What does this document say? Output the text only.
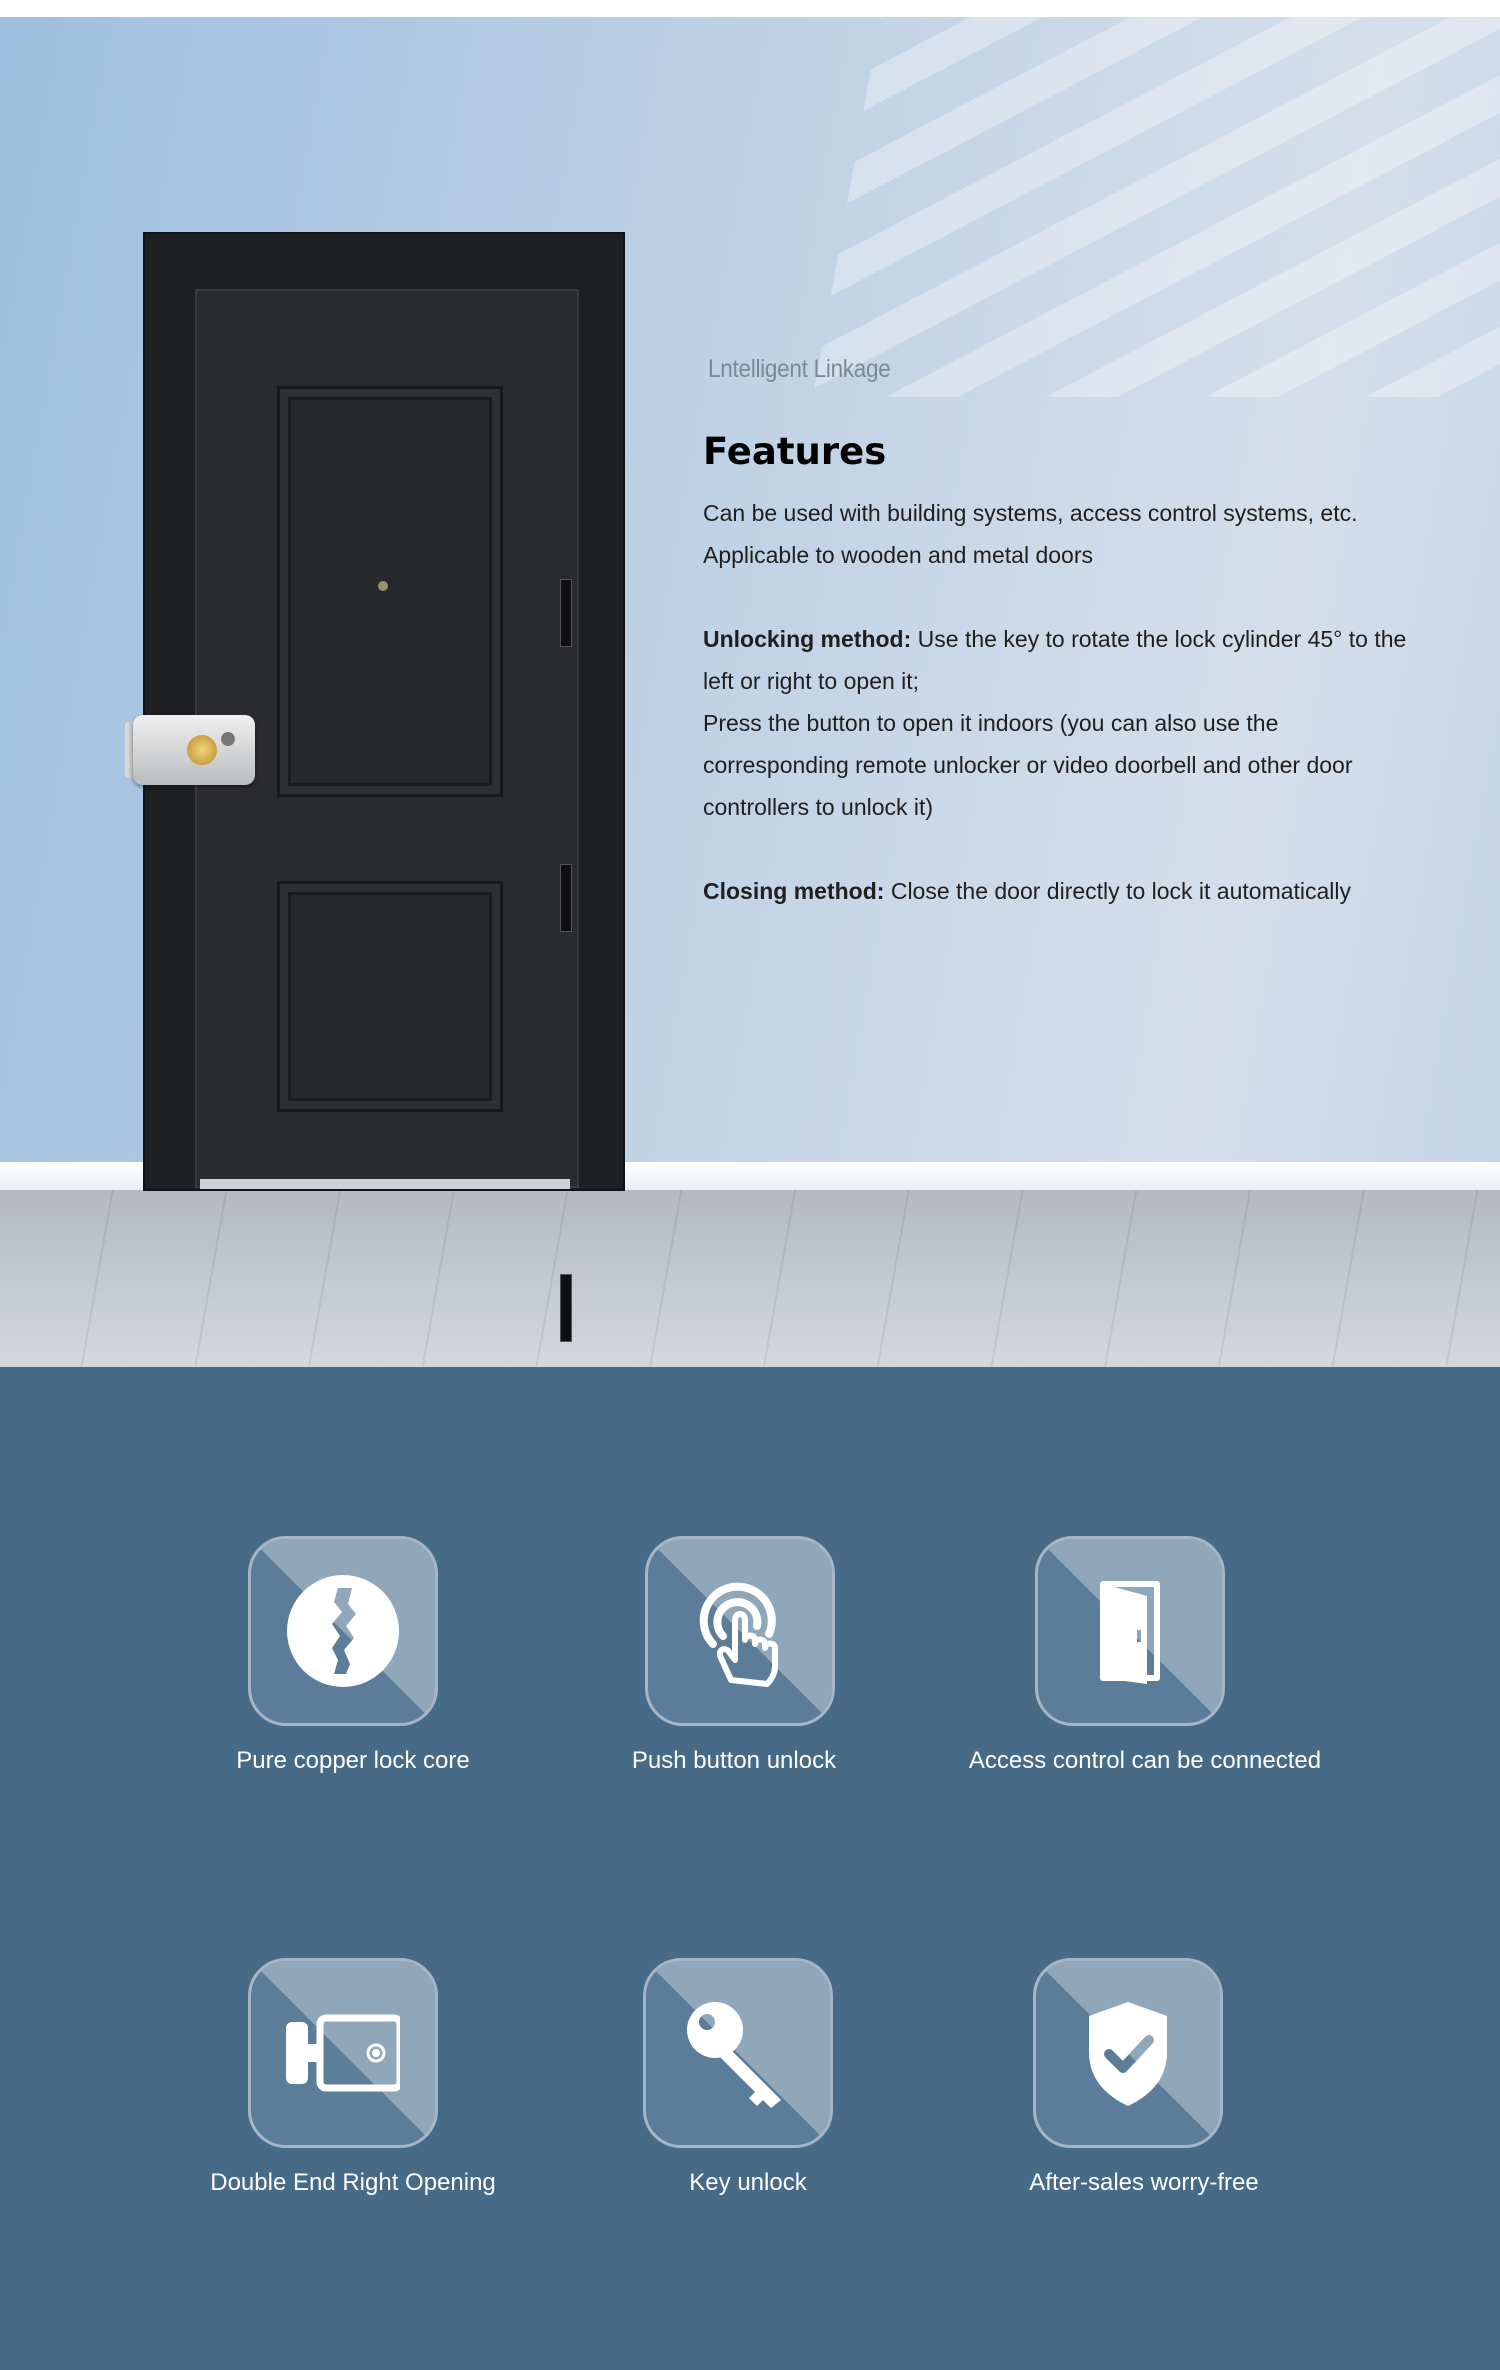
Lntelligent Linkage
Features

Can be used with building systems, access control systems, etc.

Applicable to wooden and metal doors

Unlocking method: Use the key to rotate the lock cylinder 45° to the left or right to open it;

Press the button to open it indoors (you can also use the corresponding remote unlocker or video doorbell and other door controllers to unlock it)

Closing method: Close the door directly to lock it automatically

Pure copper lock core	Push button unlock	Access control can be connected
Double End Right Opening	Key unlock	After-sales worry-free
